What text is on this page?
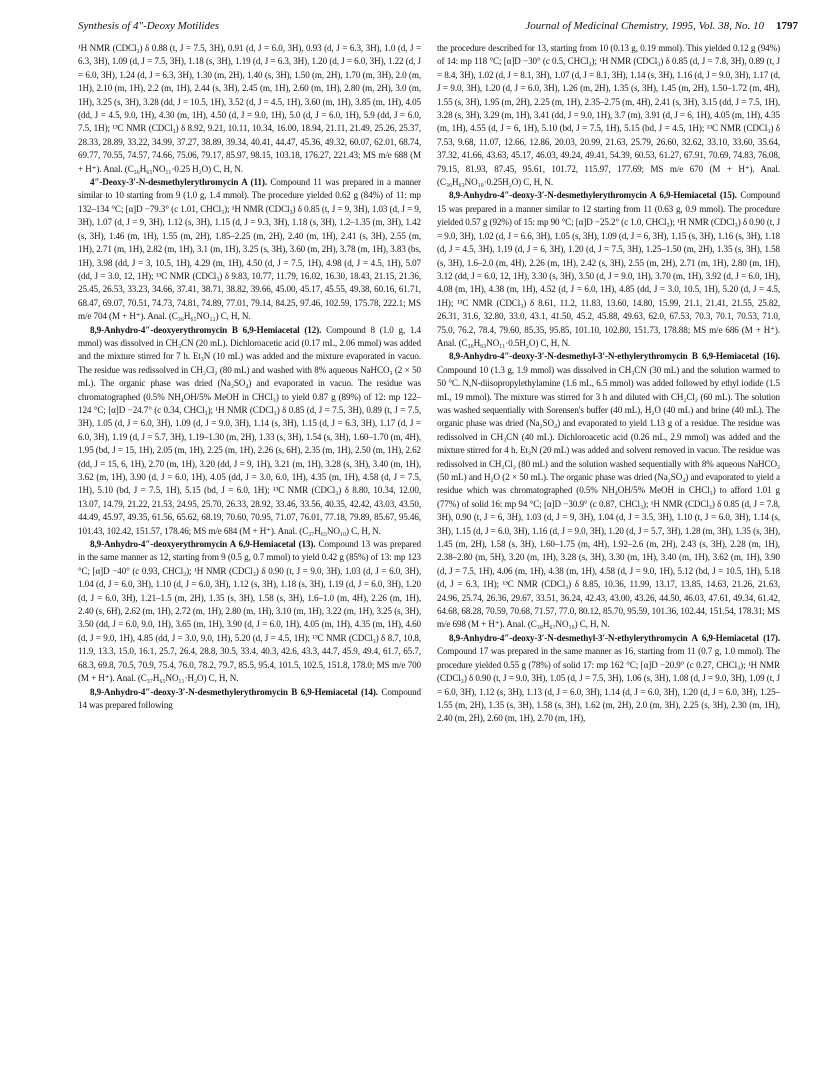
Synthesis of 4″-Deoxy Motilides	Journal of Medicinal Chemistry, 1995, Vol. 38, No. 10 1797

¹H NMR (CDCl₃) δ 0.88 (t, J = 7.5, 3H), 0.91 (d, J = 6.0, 3H), 0.93 (d, J = 6.3, 3H), 1.0 (d, J = 6.3, 3H), 1.09 (d, J = 7.5, 3H), 1.18 (s, 3H), 1.19 (d, J = 6.3, 3H), 1.20 (d, J = 6.0, 3H), 1.22 (d, J = 6.0, 3H), 1.24 (d, J = 6.3, 3H), 1.30 (m, 2H), 1.40 (s, 3H), 1.50 (m, 2H), 1.70 (m, 3H), 2.0 (m, 1H), 2.10 (m, 1H), 2.2 (m, 1H), 2.44 (s, 3H), 2.45 (m, 1H), 2.60 (m, 1H), 2.80 (m, 2H), 3.0 (m, 1H), 3.25 (s, 3H), 3.28 (dd, J = 10.5, 1H), 3.52 (d, J = 4.5, 1H), 3.60 (m, 1H), 3.85 (m, 1H), 4.05 (dd, J = 4.5, 9.0, 1H), 4.30 (m, 1H), 4.50 (d, J = 9.0, 1H), 5.0 (d, J = 6.0, 1H), 5.9 (dd, J = 6.0, 7.5, 1H); ¹³C NMR (CDCl₃) δ 8.92, 9.21, 10.11, 10.34, 16.00, 18.94, 21.11, 21.49, 25.26, 25.37, 28.33, 28.89, 33.22, 34.99, 37.27, 38.89, 39.34, 40.41, 44.47, 45.36, 49.32, 60.07, 62.01, 68.74, 69.77, 70.55, 74.57, 74.66, 75.06, 79.17, 85.97, 98.15, 103.18, 176.27, 221.43; MS m/e 688 (M + H⁺). Anal. (C₃₆H₆₅NO₁₁·0.25 H₂O) C, H, N.

4″-Deoxy-3′-N-desmethylerythromycin A (11). Compound 11 was prepared in a manner similar to 10 starting from 9 (1.0 g, 1.4 mmol). The procedure yielded 0.62 g (84%) of 11: mp 132–134 °C; [α]D −79.3° (c 1.01, CHCl₃); ¹H NMR (CDCl₃) δ 0.85 (t, J = 9, 3H), 1.03 (d, J = 9, 3H), 1.07 (d, J = 9, 3H), 1.12 (s, 3H), 1.15 (d, J = 9.3, 3H), 1.18 (s, 3H), 1.2–1.35 (m, 3H), 1.42 (s, 3H), 1.46 (m, 1H), 1.55 (m, 2H), 1.85–2.25 (m, 2H), 2.40 (m, 1H), 2.41 (s, 3H), 2.55 (m, 1H), 2.71 (m, 1H), 2.82 (m, 1H), 3.1 (m, 1H), 3.25 (s, 3H), 3.60 (m, 2H), 3.78 (m, 1H), 3.83 (bs, 1H), 3.98 (dd, J = 3, 10.5, 1H), 4.29 (m, 1H), 4.50 (d, J = 7.5, 1H), 4.98 (d, J = 4.5, 1H), 5.07 (dd, J = 3.0, 12, 1H); ¹³C NMR (CDCl₃) δ 9.83, 10.77, 11.79, 16.02, 16.30, 18.43, 21.15, 21.36, 25.45, 26.53, 33.23, 34.66, 37.41, 38.71, 38.82, 39.66, 45.00, 45.17, 45.55, 49.38, 60.16, 61.71, 68.47, 69.07, 70.51, 74.73, 74.81, 74.89, 77.01, 79.14, 84.25, 97.46, 102.59, 175.78, 222.1; MS m/e 704 (M + H⁺). Anal. (C₃₆H₆₅NO₁₂) C, H, N.

8,9-Anhydro-4″-deoxyerythromycin B 6,9-Hemiacetal (12). Compound 8 (1.0 g, 1.4 mmol) was dissolved in CH₃CN (20 mL). Dichloroacetic acid (0.17 mL, 2.06 mmol) was added and the mixture stirred for 7 h. Et₃N (10 mL) was added and the mixture evaporated in vacuo. The residue was redissolved in CH₂Cl₂ (80 mL) and washed with 8% aqueous NaHCO₃ (2 × 50 mL). The organic phase was dried (Na₂SO₄) and evaporated in vacuo. The residue was chromatographed (0.5% NH₄OH/5% MeOH in CHCl₃) to yield 0.87 g (89%) of 12: mp 122–124 °C; [α]D −24.7° (c 0.34, CHCl₃); ¹H NMR (CDCl₃) δ 0.85 (d, J = 7.5, 3H), 0.89 (t, J = 7.5, 3H), 1.05 (d, J = 6.0, 3H), 1.09 (d, J = 9.0, 3H), 1.14 (s, 3H), 1.15 (d, J = 6.3, 3H), 1.17 (d, J = 6.0, 3H), 1.19 (d, J = 5.7, 3H), 1.19–1.30 (m, 2H), 1.33 (s, 3H), 1.54 (s, 3H), 1.60–1.70 (m, 4H), 1.95 (bd, J = 15, 1H), 2.05 (m, 1H), 2.25 (m, 1H), 2.26 (s, 6H), 2.35 (m, 1H), 2.50 (m, 1H), 2.62 (dd, J = 15, 6, 1H), 2.70 (m, 1H), 3.20 (dd, J = 9, 1H), 3.21 (m, 1H), 3.28 (s, 3H), 3.40 (m, 1H), 3.62 (m, 1H), 3.90 (d, J = 6.0, 1H), 4.05 (dd, J = 3.0, 6.0, 1H), 4.35 (m, 1H), 4.58 (d, J = 7.5, 1H), 5.10 (bd, J = 7.5, 1H), 5.15 (bd, J = 6.0, 1H); ¹³C NMR (CDCl₃) δ 8.80, 10.34, 12.00, 13.07, 14.79, 21.22, 21.53, 24.95, 25.70, 26.33, 28.92, 33.46, 33.56, 40.35, 42.42, 43.03, 43.50, 44.49, 45.97, 49.35, 61.56, 65.62, 68.19, 70.60, 70.95, 71.07, 76.01, 77.18, 79.89, 85.67, 95.46, 101.43, 102.42, 151.57, 178.46; MS m/e 684 (M + H⁺). Anal. (C₃₇H₆₅NO₁₀) C, H, N.

8,9-Anhydro-4″-deoxyerythromycin A 6,9-Hemiacetal (13). Compound 13 was prepared in the same manner as 12, starting from 9 (0.5 g, 0.7 mmol) to yield 0.42 g (85%) of 13: mp 123 °C; [α]D −40° (c 0.93, CHCl₃); ¹H NMR (CDCl₃) δ 0.90 (t, J = 9.0, 3H), 1.03 (d, J = 6.0, 3H), 1.04 (d, J = 6.0, 3H), 1.10 (d, J = 6.0, 3H), 1.12 (s, 3H), 1.18 (s, 3H), 1.19 (d, J = 6.0, 3H), 1.20 (d, J = 6.0, 3H), 1.21–1.5 (m, 2H), 1.35 (s, 3H), 1.58 (s, 3H), 1.6–1.0 (m, 4H), 2.26 (m, 1H), 2.40 (s, 6H), 2.62 (m, 1H), 2.72 (m, 1H), 2.80 (m, 1H), 3.10 (m, 1H), 3.22 (m, 1H), 3.25 (s, 3H), 3.50 (dd, J = 6.0, 9.0, 1H), 3.65 (m, 1H), 3.90 (d, J = 6.0, 1H), 4.05 (m, 1H), 4.35 (m, 1H), 4.60 (d, J = 9.0, 1H), 4.85 (dd, J = 3.0, 9.0, 1H), 5.20 (d, J = 4.5, 1H); ¹³C NMR (CDCl₃) δ 8.7, 10.8, 11.9, 13.3, 15.0, 16.1, 25.7, 26.4, 28.8, 30.5, 33.4, 40.3, 42.6, 43.3, 44.7, 45.9, 49.4, 61.7, 65.7, 68.3, 69.8, 70.5, 70.9, 75.4, 76.0, 78.2, 79.7, 85.5, 95.4, 101.5, 102.5, 151.8, 178.0; MS m/e 700 (M + H⁺). Anal. (C₃₇H₆₅NO₁₁·H₂O) C, H, N.

8,9-Anhydro-4″-deoxy-3′-N-desmethylerythromycin B 6,9-Hemiacetal (14). Compound 14 was prepared following

the procedure described for 13, starting from 10 (0.13 g, 0.19 mmol). This yielded 0.12 g (94%) of 14: mp 118 °C; [α]D −30° (c 0.5, CHCl₃); ¹H NMR (CDCl₃) δ 0.85 (d, J = 7.8, 3H), 0.89 (t, J = 8.4, 3H), 1.02 (d, J = 8.1, 3H), 1.07 (d, J = 8.1, 3H), 1.14 (s, 3H), 1.16 (d, J = 9.0, 3H), 1.17 (d, J = 9.0, 3H), 1.20 (d, J = 6.0, 3H), 1.26 (m, 2H), 1.35 (s, 3H), 1.45 (m, 2H), 1.50–1.72 (m, 4H), 1.55 (s, 3H), 1.95 (m, 2H), 2.25 (m, 1H), 2.35–2.75 (m, 4H), 2.41 (s, 3H), 3.15 (dd, J = 7.5, 1H), 3.28 (s, 3H), 3.29 (m, 1H), 3.41 (dd, J = 9.0, 1H), 3.7 (m), 3.91 (d, J = 6, 1H), 4.05 (m, 1H), 4.35 (m, 1H), 4.55 (d, J = 6, 1H), 5.10 (bd, J = 7.5, 1H), 5.15 (bd, J = 4.5, 1H); ¹³C NMR (CDCl₃) δ 7.53, 9.68, 11.07, 12.66, 12.86, 20.03, 20.99, 21.63, 25.79, 26.60, 32.62, 33.10, 33.60, 35.64, 37.32, 41.66, 43.63, 45.17, 46.03, 49.24, 49.41, 54.39, 60.53, 61.27, 67.91, 70.69, 74.83, 76.08, 79.15, 81.93, 87.45, 95.61, 101.72, 115.97, 177.69; MS m/e 670 (M + H⁺). Anal. (C₃₆H₆₃NO₁₀·0.25H₂O) C, H, N.

8,9-Anhydro-4″-deoxy-3′-N-desmethylerythromycin A 6,9-Hemiacetal (15). Compound 15 was prepared in a manner similar to 12 starting from 11 (0.63 g, 0.9 mmol). The procedure yielded 0.57 g (92%) of 15: mp 90 °C; [α]D −25.2° (c 1.0, CHCl₃); ¹H NMR (CDCl₃) δ 0.90 (t, J = 9.0, 3H), 1.02 (d, J = 6.6, 3H), 1.05 (s, 3H), 1.09 (d, J = 6, 3H), 1.15 (s, 3H), 1.16 (s, 3H), 1.18 (d, J = 4.5, 3H), 1.19 (d, J = 6, 3H), 1.20 (d, J = 7.5, 3H), 1.25–1.50 (m, 2H), 1.35 (s, 3H), 1.58 (s, 3H), 1.6–2.0 (m, 4H), 2.26 (m, 1H), 2.42 (s, 3H), 2.55 (m, 2H), 2.71 (m, 1H), 2.80 (m, 1H), 3.12 (dd, J = 6.0, 12, 1H), 3.30 (s, 3H), 3.50 (d, J = 9.0, 1H), 3.70 (m, 1H), 3.92 (d, J = 6.0, 1H), 4.08 (m, 1H), 4.38 (m, 1H), 4.52 (d, J = 6.0, 1H), 4.85 (dd, J = 3.0, 10.5, 1H), 5.20 (d, J = 4.5, 1H); ¹³C NMR (CDCl₃) δ 8.61, 11.2, 11.83, 13.60, 14.80, 15.99, 21.1, 21.41, 21.55, 25.82, 26.31, 31.6, 32.80, 33.0, 43.1, 41.50, 45.2, 45.88, 49.63, 62.0, 67.53, 70.3, 70.1, 70.53, 71.0, 75.0, 76.2, 78.4, 79.60, 85.35, 95.85, 101.10, 102.80, 151.73, 178.88; MS m/e 686 (M + H⁺). Anal. (C₃₆H₆₃NO₁₁·0.5H₂O) C, H, N.

8,9-Anhydro-4″-deoxy-3′-N-desmethyl-3′-N-ethylerythromycin B 6,9-Hemiacetal (16). Compound 10 (1.3 g, 1.9 mmol) was dissolved in CH₃CN (30 mL) and the solution warmed to 50 °C. N,N-diisopropylethylamine (1.6 mL, 6.5 mmol) was added followed by ethyl iodide (1.5 mL, 19 mmol). The mixture was stirred for 3 h and diluted with CH₂Cl₂ (60 mL). The solution was washed sequentially with Sorensen's buffer (40 mL), H₂O (40 mL) and brine (40 mL). The organic phase was dried (Na₂SO₄) and evaporated to yield 1.13 g of a residue. The residue was redissolved in CH₃CN (40 mL). Dichloroacetic acid (0.26 mL, 2.9 mmol) was added and the mixture stirred for 4 h. Et₃N (20 mL) was added and solvent removed in vacuo. The residue was redissolved in CH₂Cl₂ (80 mL) and the solution washed sequentially with 8% aqueous NaHCO₃ (50 mL) and H₂O (2 × 50 mL). The organic phase was dried (Na₂SO₄) and evaporated to yield a residue which was chromatographed (0.5% NH₄OH/5% MeOH in CHCl₃) to afford 1.01 g (77%) of solid 16: mp 94 °C; [α]D −30.9° (c 0.87, CHCl₃); ¹H NMR (CDCl₃) δ 0.85 (d, J = 7.8, 3H), 0.90 (t, J = 6, 3H), 1.03 (d, J = 9, 3H), 1.04 (d, J = 3.5, 3H), 1.10 (t, J = 6.0, 3H), 1.14 (s, 3H), 1.15 (d, J = 6.0, 3H), 1.16 (d, J = 9.0, 3H), 1.20 (d, J = 5.7, 3H), 1.28 (m, 3H), 1.35 (s, 3H), 1.45 (m, 2H), 1.58 (s, 3H), 1.60–1.75 (m, 4H), 1.92–2.6 (m, 2H), 2.43 (s, 3H), 2.28 (m, 1H), 2.38–2.80 (m, 5H), 3.20 (m, 1H), 3.28 (s, 3H), 3.30 (m, 1H), 3.40 (m, 1H), 3.62 (m, 1H), 3.90 (d, J = 7.5, 1H), 4.06 (m, 1H), 4.38 (m, 1H), 4.58 (d, J = 9.0, 1H), 5.12 (bd, J = 10.5, 1H), 5.18 (d, J = 6.3, 1H); ¹³C NMR (CDCl₃) δ 8.85, 10.36, 11.99, 13.17, 13.85, 14.63, 21.26, 21.63, 24.96, 25.74, 26.36, 29.67, 33.51, 36.24, 42.43, 43.00, 43.26, 44.50, 46.03, 47.61, 49.34, 61.42, 64.68, 68.28, 70.59, 70.68, 71.57, 77.0, 80.12, 85.70, 95.59, 101.36, 102.44, 151.54, 178.31; MS m/e 698 (M + H⁺). Anal. (C₃₈H₆₇NO₁₀) C, H, N.

8,9-Anhydro-4″-deoxy-3′-N-desmethyl-3′-N-ethylerythromycin A 6,9-Hemiacetal (17). Compound 17 was prepared in the same manner as 16, starting from 11 (0.7 g, 1.0 mmol). The procedure yielded 0.55 g (78%) of solid 17: mp 162 °C; [α]D −20.9° (c 0.27, CHCl₃); ¹H NMR (CDCl₃) δ 0.90 (t, J = 9.0, 3H), 1.05 (d, J = 7.5, 3H), 1.06 (s, 3H), 1.08 (d, J = 9.0, 3H), 1.09 (t, J = 6.0, 3H), 1.12 (s, 3H), 1.13 (d, J = 6.0, 3H), 1.14 (d, J = 6.0, 3H), 1.20 (d, J = 6.0, 3H), 1.25–1.55 (m, 2H), 1.35 (s, 3H), 1.58 (s, 3H), 1.62 (m, 2H), 2.0 (m, 3H), 2.25 (s, 3H), 2.30 (m, 1H), 2.40 (m, 2H), 2.60 (m, 1H), 2.70 (m, 1H),
